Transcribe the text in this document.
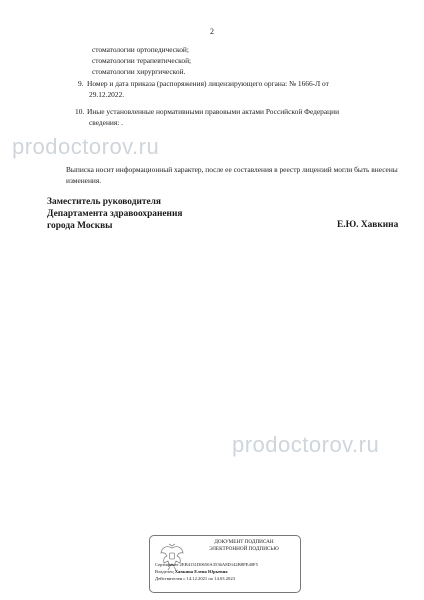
2
стоматологии ортопедической;
стоматологии терапевтической;
стоматологии хирургической.
9. Номер и дата приказа (распоряжения) лицензирующего органа: № 1666-Л от
29.12.2022.
10. Иные установленные нормативными правовыми актами Российской Федерации
сведения: .
Выписка носит информационный характер, после ее составления в реестр лицензий могли быть внесены изменения.
Заместитель руководителя
Департамента здравоохранения
города Москвы	Е.Ю. Хавкина
prodoctorov.ru
prodoctorov.ru
ДОКУМЕНТ ПОДПИСАН
ЭЛЕКТРОННОЙ ПОДПИСЬЮ
Сертификат 2EB4131D0650A3536A8D142B8FE40F5
Владелец Хавкина Елена Юрьевна
Действителен с 14.12.2021 по 14.03.2023
